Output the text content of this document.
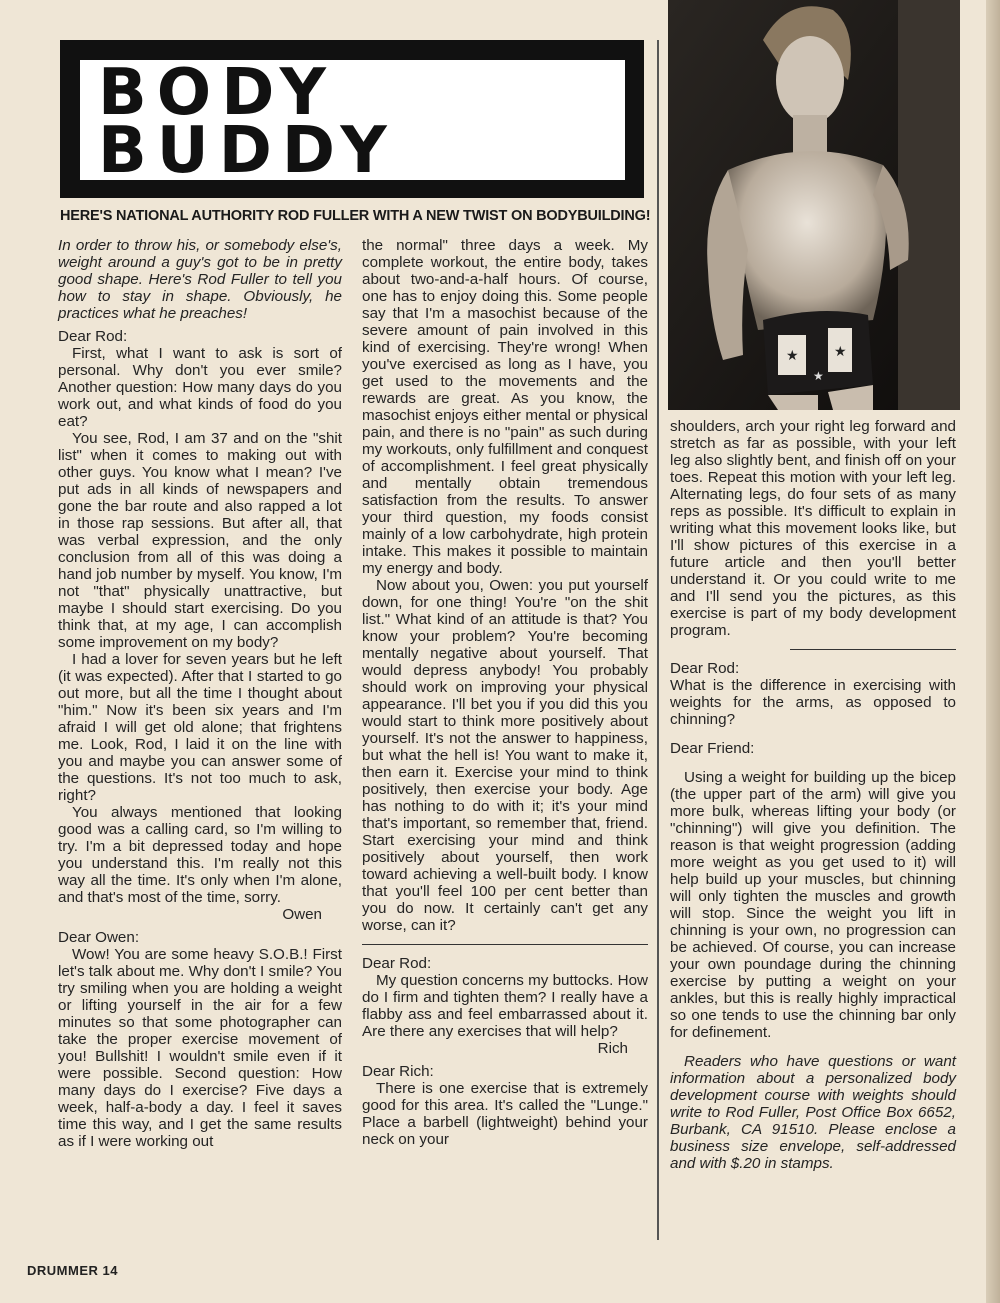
BODY
BUDDY
HERE'S NATIONAL AUTHORITY ROD FULLER WITH A NEW TWIST ON BODYBUILDING!
★	★
★

In order to throw his, or somebody else's, weight around a guy's got to be in pretty good shape. Here's Rod Fuller to tell you how to stay in shape. Obviously, he practices what he preaches!

Dear Rod:

First, what I want to ask is sort of personal. Why don't you ever smile? Another question: How many days do you work out, and what kinds of food do you eat?

You see, Rod, I am 37 and on the "shit list" when it comes to making out with other guys. You know what I mean? I've put ads in all kinds of newspapers and gone the bar route and also rapped a lot in those rap sessions. But after all, that was verbal expression, and the only conclusion from all of this was doing a hand job number by myself. You know, I'm not "that" physically unattractive, but maybe I should start exercising. Do you think that, at my age, I can accomplish some improvement on my body?

I had a lover for seven years but he left (it was expected). After that I started to go out more, but all the time I thought about "him." Now it's been six years and I'm afraid I will get old alone; that frightens me. Look, Rod, I laid it on the line with you and maybe you can answer some of the questions. It's not too much to ask, right?

You always mentioned that looking good was a calling card, so I'm willing to try. I'm a bit depressed today and hope you understand this. I'm really not this way all the time. It's only when I'm alone, and that's most of the time, sorry.

Owen

Dear Owen:

Wow! You are some heavy S.O.B.! First let's talk about me. Why don't I smile? You try smiling when you are holding a weight or lifting yourself in the air for a few minutes so that some photographer can take the proper exercise movement of you! Bullshit! I wouldn't smile even if it were possible. Second question: How many days do I exercise? Five days a week, half-a-body a day. I feel it saves time this way, and I get the same results as if I were working out

the normal" three days a week. My complete workout, the entire body, takes about two-and-a-half hours. Of course, one has to enjoy doing this. Some people say that I'm a masochist because of the severe amount of pain involved in this kind of exercising. They're wrong! When you've exercised as long as I have, you get used to the movements and the rewards are great. As you know, the masochist enjoys either mental or physical pain, and there is no "pain" as such during my workouts, only fulfillment and conquest of accomplishment. I feel great physically and mentally obtain tremendous satisfaction from the results. To answer your third question, my foods consist mainly of a low carbohydrate, high protein intake. This makes it possible to maintain my energy and body.

Now about you, Owen: you put yourself down, for one thing! You're "on the shit list." What kind of an attitude is that? You know your problem? You're becoming mentally negative about yourself. That would depress anybody! You probably should work on improving your physical appearance. I'll bet you if you did this you would start to think more positively about yourself. It's not the answer to happiness, but what the hell is! You want to make it, then earn it. Exercise your mind to think positively, then exercise your body. Age has nothing to do with it; it's your mind that's important, so remember that, friend. Start exercising your mind and think positively about yourself, then work toward achieving a well-built body. I know that you'll feel 100 per cent better than you do now. It certainly can't get any worse, can it?

Dear Rod:

My question concerns my buttocks. How do I firm and tighten them? I really have a flabby ass and feel embarrassed about it. Are there any exercises that will help?

Rich

Dear Rich:

There is one exercise that is extremely good for this area. It's called the "Lunge." Place a barbell (lightweight) behind your neck on your

shoulders, arch your right leg forward and stretch as far as possible, with your left leg also slightly bent, and finish off on your toes. Repeat this motion with your left leg. Alternating legs, do four sets of as many reps as possible. It's difficult to explain in writing what this movement looks like, but I'll show pictures of this exercise in a future article and then you'll better understand it. Or you could write to me and I'll send you the pictures, as this exercise is part of my body development program.

Dear Rod:

What is the difference in exercising with weights for the arms, as opposed to chinning?

Dear Friend:

Using a weight for building up the bicep (the upper part of the arm) will give you more bulk, whereas lifting your body (or "chinning") will give you definition. The reason is that weight progression (adding more weight as you get used to it) will help build up your muscles, but chinning will only tighten the muscles and growth will stop. Since the weight you lift in chinning is your own, no progression can be achieved. Of course, you can increase your own poundage during the chinning exercise by putting a weight on your ankles, but this is really highly impractical so one tends to use the chinning bar only for definement.

Readers who have questions or want information about a personalized body development course with weights should write to Rod Fuller, Post Office Box 6652, Burbank, CA 91510. Please enclose a business size envelope, self-addressed and with $.20 in stamps.

DRUMMER 14
